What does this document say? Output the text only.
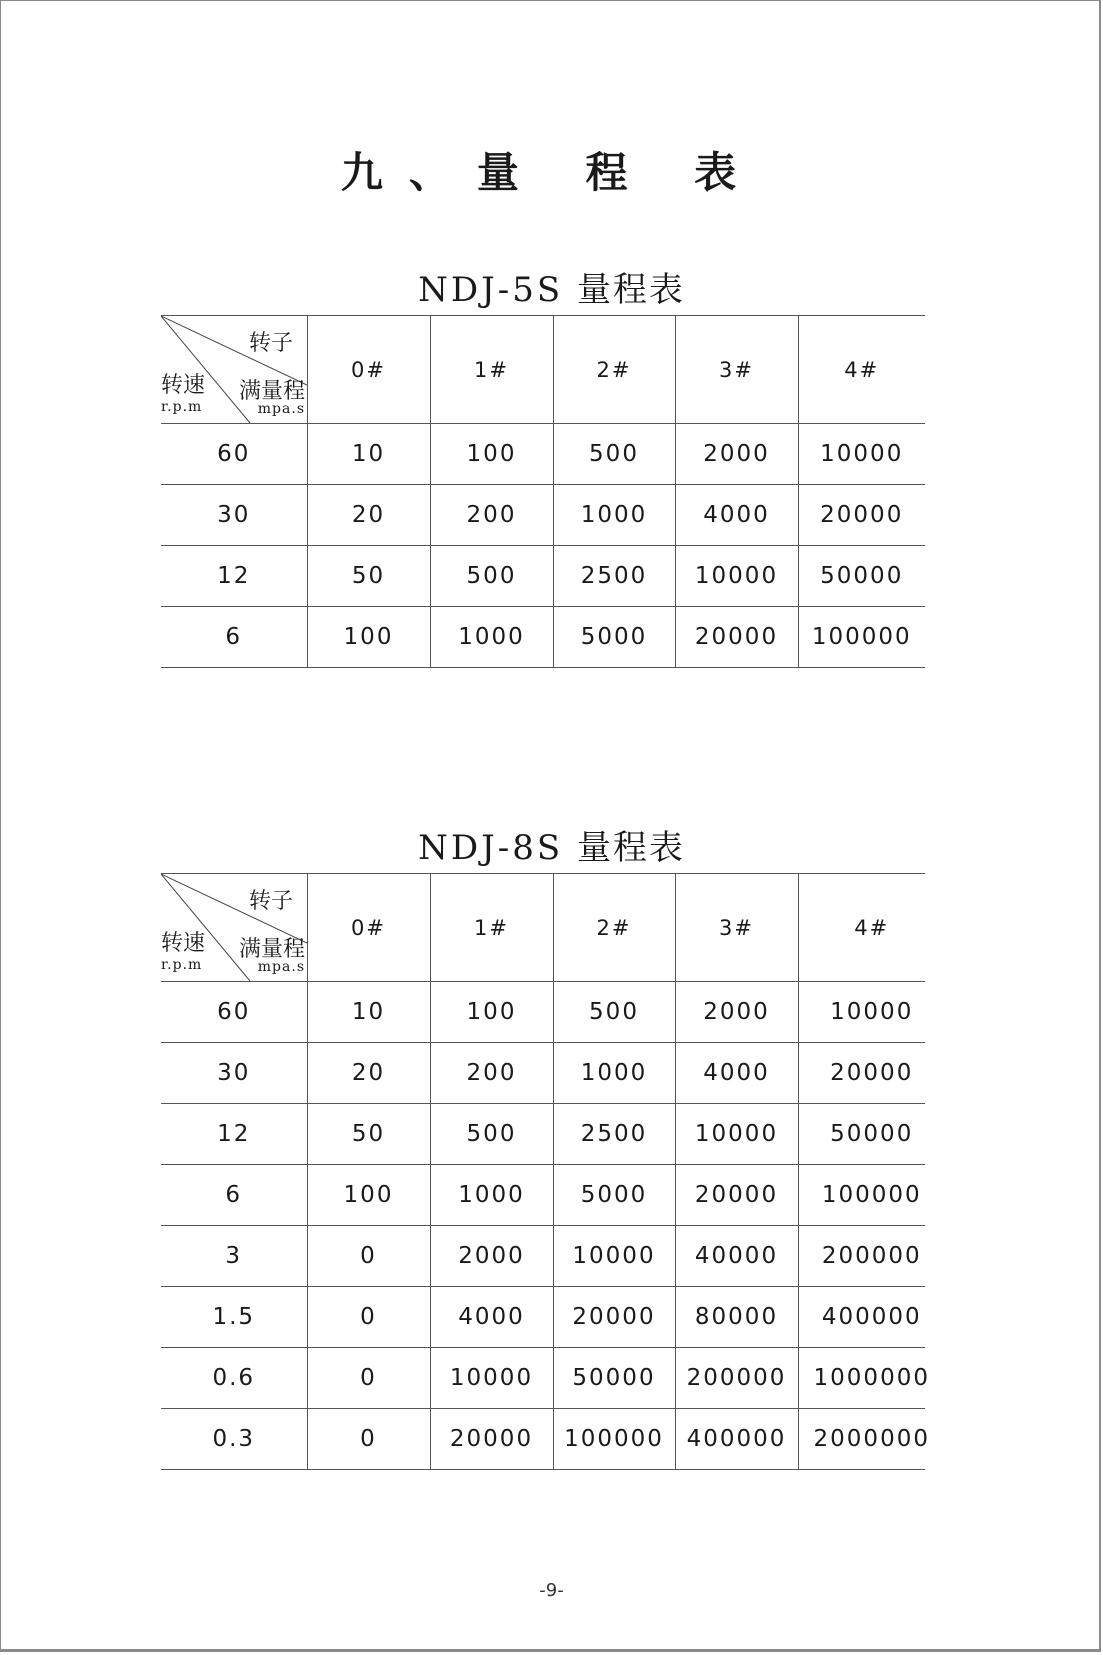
九、量 程 表
NDJ-5S 量程表
转子
转速 满量程
r.p.m mpa.s	0#	1#	2#	3#	4#
60	10	100	500	2000	10000
30	20	200	1000	4000	20000
12	50	500	2500	10000	50000
6	100	1000	5000	20000	100000
NDJ-8S 量程表
转子
转速 满量程
r.p.m mpa.s	0#	1#	2#	3#	4#
60	10	100	500	2000	10000
30	20	200	1000	4000	20000
12	50	500	2500	10000	50000
6	100	1000	5000	20000	100000
3	0	2000	10000	40000	200000
1.5	0	4000	20000	80000	400000
0.6	0	10000	50000	200000	1000000
0.3	0	20000	100000	400000	2000000
-9-
